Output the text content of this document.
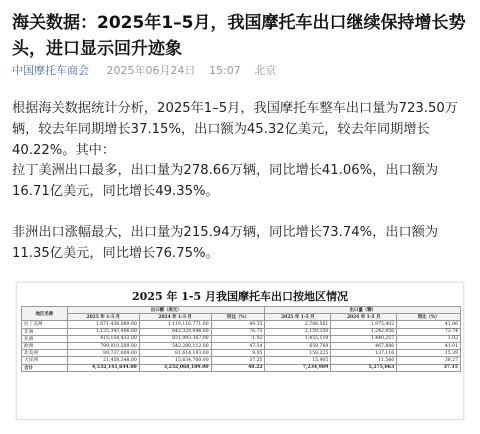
海关数据：2025年1–5月，我国摩托车出口继续保持增长势头，进口显示回升迹象
中国摩托车商会 2025年06月24日 15:07 北京

根据海关数据统计分析，2025年1–5月，我国摩托车整车出口量为723.50万辆，较去年同期增长37.15%，出口额为45.32亿美元，较去年同期增长40.22%。其中：

拉丁美洲出口最多，出口量为278.66万辆，同比增长41.06%，出口额为16.71亿美元，同比增长49.35%。

非洲出口涨幅最大，出口量为215.94万辆，同比增长73.74%，出口额为11.35亿美元，同比增长76.75%。

2025 年 1-5 月我国摩托车出口按地区情况
地区名称	出口额（美元）			出口量（辆）		
	2025 年 1-5 月	2024 年 1-5 月	同比（%）	2025 年 1-5 月	2024 年 1-5 月	同比（%）
拉丁美洲	1,671,438,069.00	1,119,116,771.00	49.35	2,786,561	1,975,402	41.06
非洲	1,135,343,496.00	642,329,046.00	76.75	2,159,350	1,242,856	73.74
亚洲	815,154,433.00	831,093,367.00	-1.92	1,455,119	1,440,257	1.03
欧洲	799,010,289.00	542,280,112.00	47.34	659,769	467,886	41.01
北美洲	89,737,009.00	81,614,193.00	9.95	158,225	137,116	15.39
大洋洲	21,458,348.00	15,634,700.00	37.25	15,965	11,546	38.27
合计	4,532,141,644.00	3,232,068,189.00	40.22	7,234,989	5,275,063	37.15
